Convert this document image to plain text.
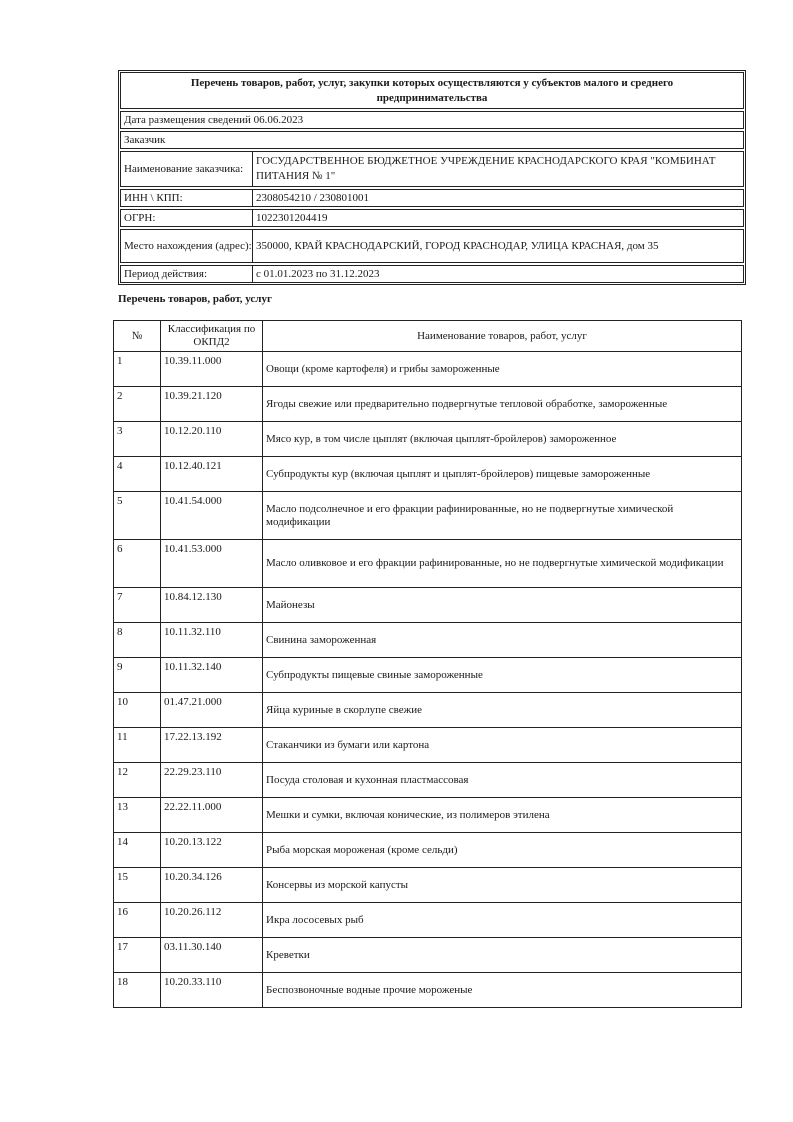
Перечень товаров, работ, услуг, закупки которых осуществляются у субъектов малого и среднего предпринимательства
Дата размещения сведений 06.06.2023
Заказчик
Наименование заказчика:
ГОСУДАРСТВЕННОЕ БЮДЖЕТНОЕ УЧРЕЖДЕНИЕ КРАСНОДАРСКОГО КРАЯ "КОМБИНАТ ПИТАНИЯ № 1"
ИНН \ КПП:	2308054210 / 230801001
ОГРН:	1022301204419
Место нахождения (адрес): 350000, КРАЙ КРАСНОДАРСКИЙ, ГОРОД КРАСНОДАР, УЛИЦА КРАСНАЯ, дом 35
Период действия:	с 01.01.2023 по 31.12.2023
Перечень товаров, работ, услуг
№	Классификация по ОКПД2	Наименование товаров, работ, услуг
1	10.39.11.000	Овощи (кроме картофеля) и грибы замороженные
2	10.39.21.120	Ягоды свежие или предварительно подвергнутые тепловой обработке, замороженные
3	10.12.20.110	Мясо кур, в том числе цыплят (включая цыплят-бройлеров) замороженное
4	10.12.40.121	Субпродукты кур (включая цыплят и цыплят-бройлеров) пищевые замороженные
5	10.41.54.000	Масло подсолнечное и его фракции рафинированные, но не подвергнутые химической модификации
6	10.41.53.000	Масло оливковое и его фракции рафинированные, но не подвергнутые химической модификации
7	10.84.12.130	Майонезы
8	10.11.32.110	Свинина замороженная
9	10.11.32.140	Субпродукты пищевые свиные замороженные
10	01.47.21.000	Яйца куриные в скорлупе свежие
11	17.22.13.192	Стаканчики из бумаги или картона
12	22.29.23.110	Посуда столовая и кухонная пластмассовая
13	22.22.11.000	Мешки и сумки, включая конические, из полимеров этилена
14	10.20.13.122	Рыба морская мороженая (кроме сельди)
15	10.20.34.126	Консервы из морской капусты
16	10.20.26.112	Икра лососевых рыб
17	03.11.30.140	Креветки
18	10.20.33.110	Беспозвоночные водные прочие мороженые
